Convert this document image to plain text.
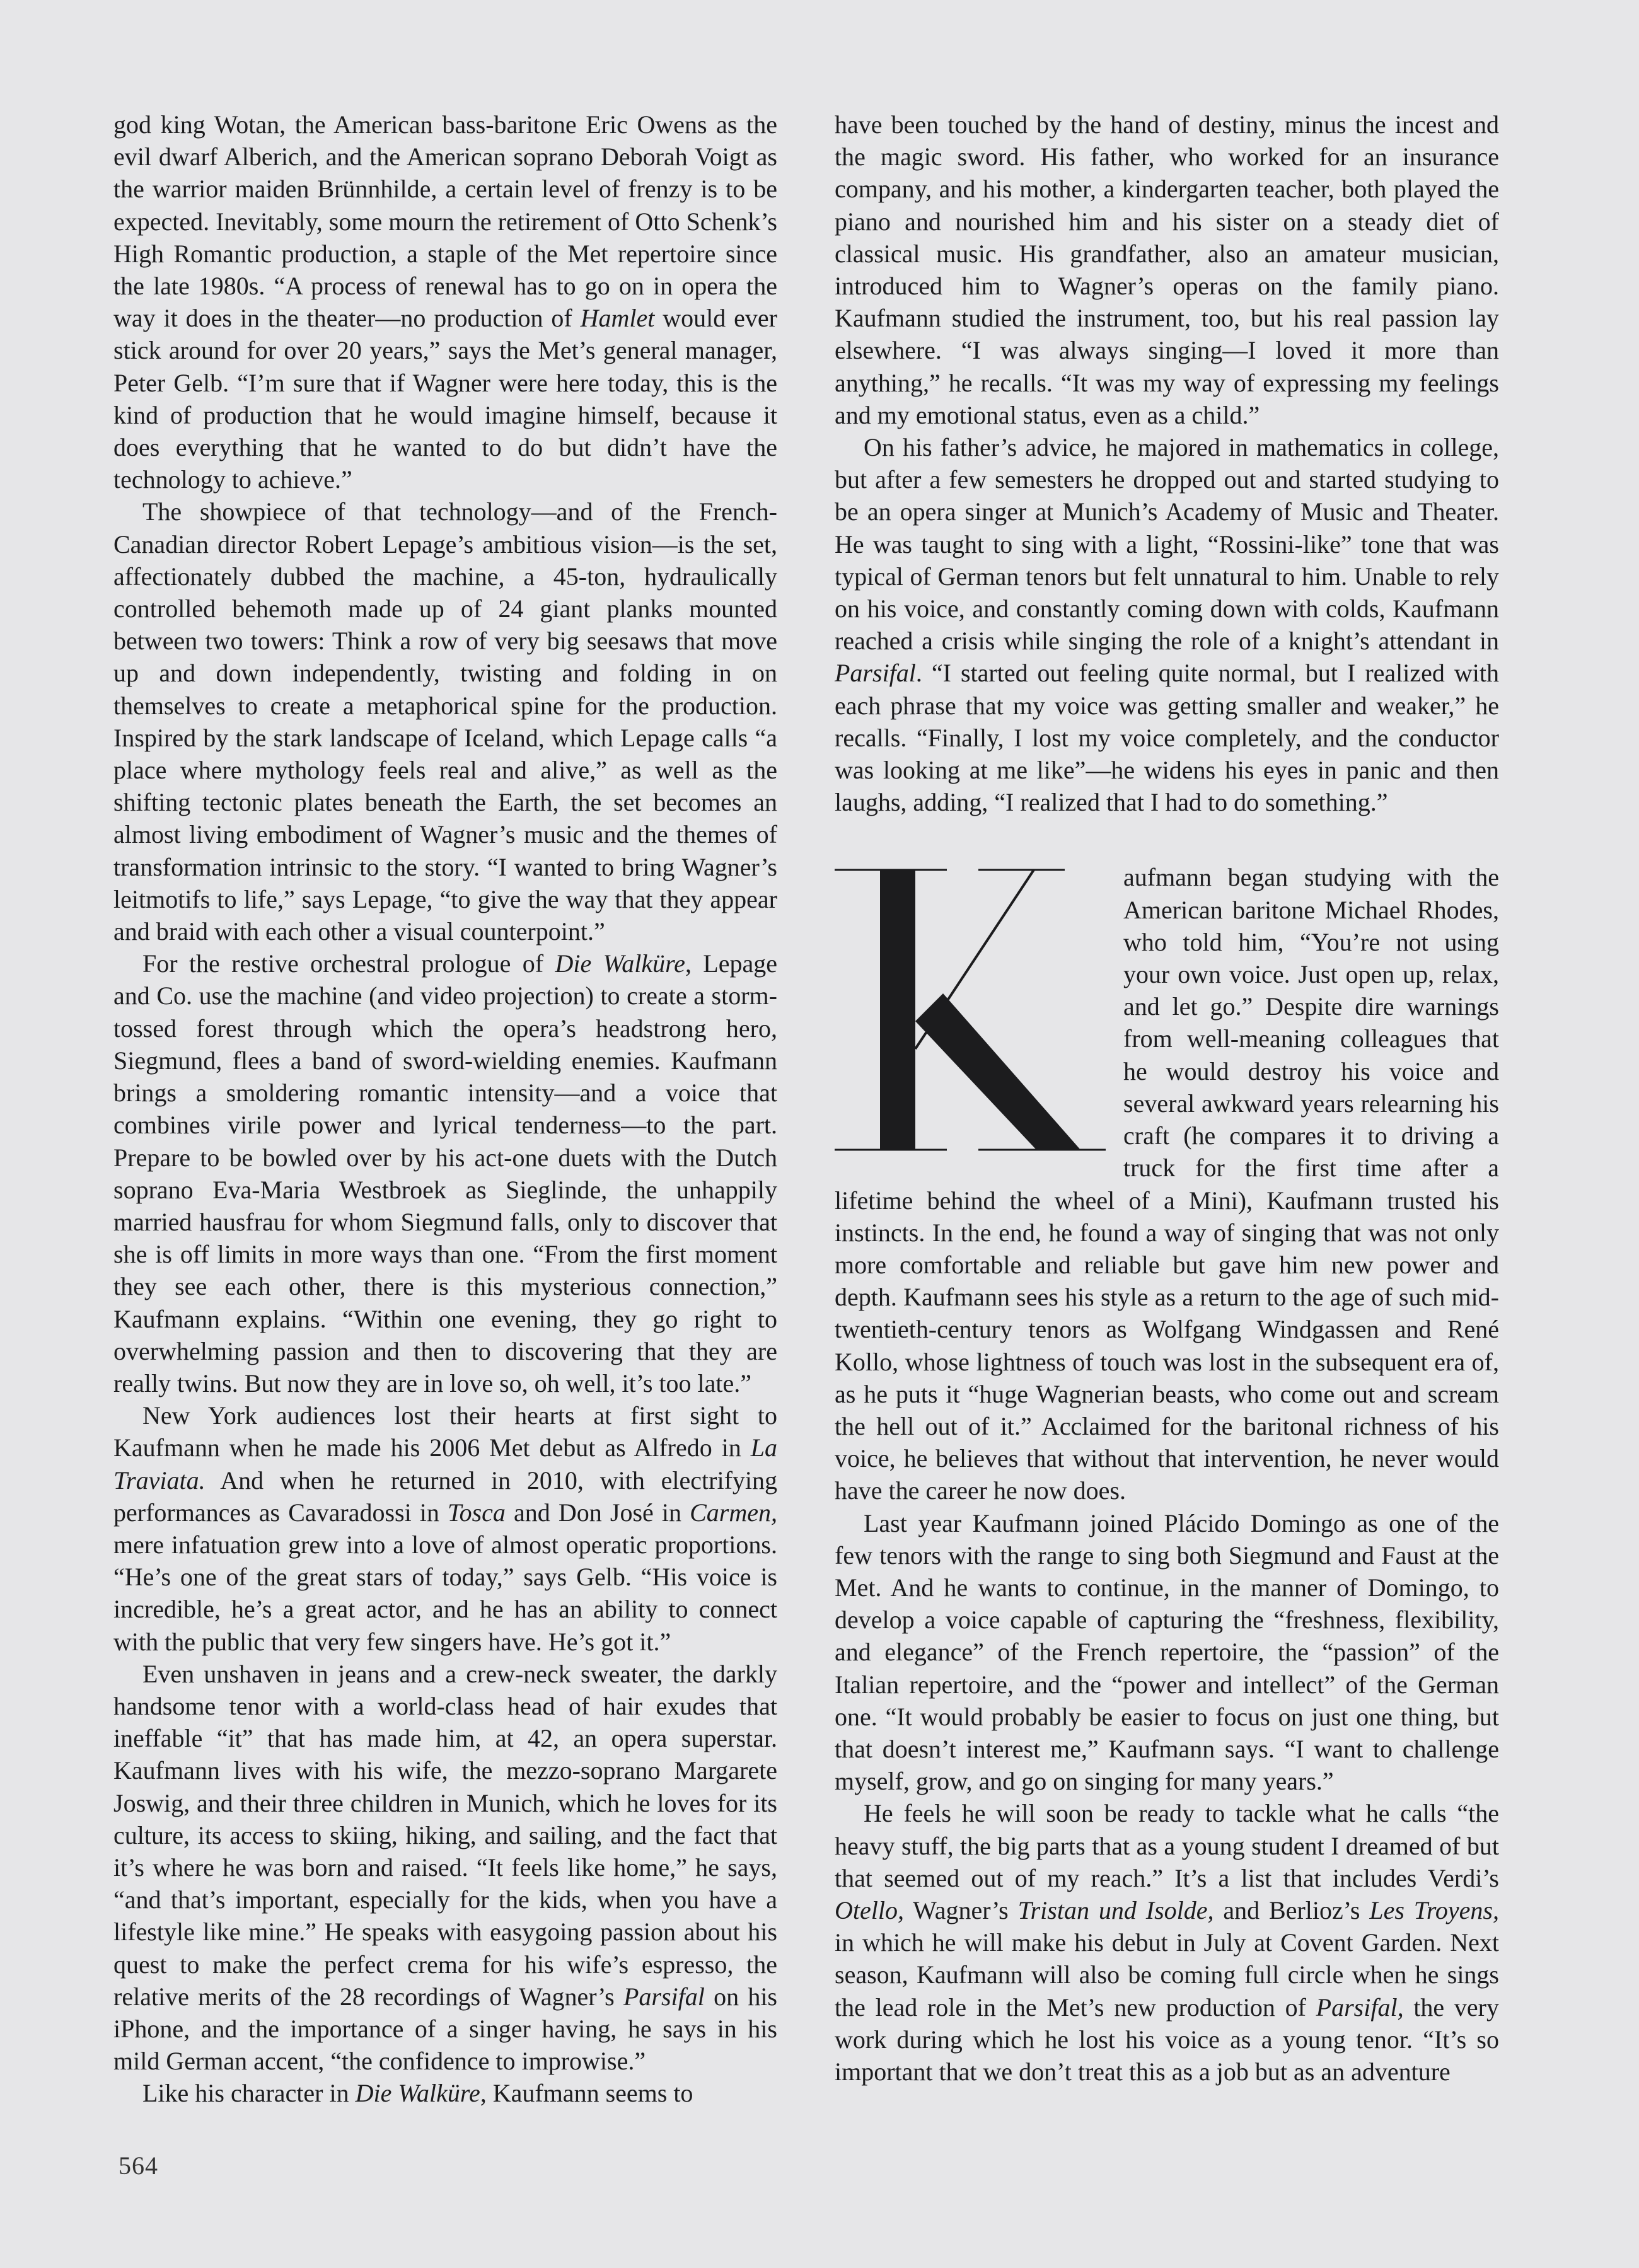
god king Wotan, the American bass-baritone Eric Owens as the evil dwarf Alberich, and the American soprano Deborah Voigt as the warrior maiden Brünnhilde, a certain level of frenzy is to be expected. Inevitably, some mourn the retirement of Otto Schenk’s High Romantic production, a staple of the Met repertoire since the late 1980s. “A process of renewal has to go on in opera the way it does in the theater—no production of Hamlet would ever stick around for over 20 years,” says the Met’s general manager, Peter Gelb. “I’m sure that if Wagner were here today, this is the kind of production that he would imagine himself, because it does everything that he wanted to do but didn’t have the technology to achieve.”

The showpiece of that technology—and of the French-Canadian director Robert Lepage’s ambitious vision—is the set, affectionately dubbed the machine, a 45-ton, hydraulically controlled behemoth made up of 24 giant planks mounted between two towers: Think a row of very big seesaws that move up and down independently, twisting and folding in on themselves to create a metaphorical spine for the production. Inspired by the stark landscape of Iceland, which Lepage calls “a place where mythology feels real and alive,” as well as the shifting tectonic plates beneath the Earth, the set becomes an almost living embodiment of Wagner’s music and the themes of transformation intrinsic to the story. “I wanted to bring Wagner’s leitmotifs to life,” says Lepage, “to give the way that they appear and braid with each other a visual counterpoint.”

For the restive orchestral prologue of Die Walküre, Lepage and Co. use the machine (and video projection) to create a storm-tossed forest through which the opera’s headstrong hero, Siegmund, flees a band of sword-wielding enemies. Kaufmann brings a smoldering romantic intensity—and a voice that combines virile power and lyrical tenderness—to the part. Prepare to be bowled over by his act-one duets with the Dutch soprano Eva-Maria Westbroek as Sieglinde, the unhappily married hausfrau for whom Siegmund falls, only to discover that she is off limits in more ways than one. “From the first moment they see each other, there is this mysterious connection,” Kaufmann explains. “Within one evening, they go right to overwhelming passion and then to discovering that they are really twins. But now they are in love so, oh well, it’s too late.”

New York audiences lost their hearts at first sight to Kaufmann when he made his 2006 Met debut as Alfredo in La Traviata. And when he returned in 2010, with electrifying performances as Cavaradossi in Tosca and Don José in Carmen, mere infatuation grew into a love of almost operatic proportions. “He’s one of the great stars of today,” says Gelb. “His voice is incredible, he’s a great actor, and he has an ability to connect with the public that very few singers have. He’s got it.”

Even unshaven in jeans and a crew-neck sweater, the darkly handsome tenor with a world-class head of hair exudes that ineffable “it” that has made him, at 42, an opera superstar. Kaufmann lives with his wife, the mezzo-soprano Margarete Joswig, and their three children in Munich, which he loves for its culture, its access to skiing, hiking, and sailing, and the fact that it’s where he was born and raised. “It feels like home,” he says, “and that’s important, especially for the kids, when you have a lifestyle like mine.” He speaks with easygoing passion about his quest to make the perfect crema for his wife’s espresso, the relative merits of the 28 recordings of Wagner’s Parsifal on his iPhone, and the importance of a singer having, he says in his mild German accent, “the confidence to improwise.”

Like his character in Die Walküre, Kaufmann seems to

have been touched by the hand of destiny, minus the incest and the magic sword. His father, who worked for an insurance company, and his mother, a kindergarten teacher, both played the piano and nourished him and his sister on a steady diet of classical music. His grandfather, also an amateur musician, introduced him to Wagner’s operas on the family piano. Kaufmann studied the instrument, too, but his real passion lay elsewhere. “I was always singing—I loved it more than anything,” he recalls. “It was my way of expressing my feelings and my emotional status, even as a child.”

On his father’s advice, he majored in mathematics in college, but after a few semesters he dropped out and started studying to be an opera singer at Munich’s Academy of Music and Theater. He was taught to sing with a light, “Rossini-like” tone that was typical of German tenors but felt unnatural to him. Unable to rely on his voice, and constantly coming down with colds, Kaufmann reached a crisis while singing the role of a knight’s attendant in Parsifal. “I started out feeling quite normal, but I realized with each phrase that my voice was getting smaller and weaker,” he recalls. “Finally, I lost my voice completely, and the conductor was looking at me like”—he widens his eyes in panic and then laughs, adding, “I realized that I had to do something.”

aufmann began studying with the American baritone Michael Rhodes, who told him, “You’re not using your own voice. Just open up, relax, and let go.” Despite dire warnings from well-meaning colleagues that he would destroy his voice and several awkward years relearning his craft (he compares it to driving a truck for the first time after a lifetime behind the wheel of a Mini), Kaufmann trusted his instincts. In the end, he found a way of singing that was not only more comfortable and reliable but gave him new power and depth. Kaufmann sees his style as a return to the age of such mid-twentieth-century tenors as Wolfgang Windgassen and René Kollo, whose lightness of touch was lost in the subsequent era of, as he puts it “huge Wagnerian beasts, who come out and scream the hell out of it.” Acclaimed for the baritonal richness of his voice, he believes that without that intervention, he never would have the career he now does.

Last year Kaufmann joined Plácido Domingo as one of the few tenors with the range to sing both Siegmund and Faust at the Met. And he wants to continue, in the manner of Domingo, to develop a voice capable of capturing the “freshness, flexibility, and elegance” of the French repertoire, the “passion” of the Italian repertoire, and the “power and intellect” of the German one. “It would probably be easier to focus on just one thing, but that doesn’t interest me,” Kaufmann says. “I want to challenge myself, grow, and go on singing for many years.”

He feels he will soon be ready to tackle what he calls “the heavy stuff, the big parts that as a young student I dreamed of but that seemed out of my reach.” It’s a list that includes Verdi’s Otello, Wagner’s Tristan und Isolde, and Berlioz’s Les Troyens, in which he will make his debut in July at Covent Garden. Next season, Kaufmann will also be coming full circle when he sings the lead role in the Met’s new production of Parsifal, the very work during which he lost his voice as a young tenor. “It’s so important that we don’t treat this as a job but as an adventure

564
